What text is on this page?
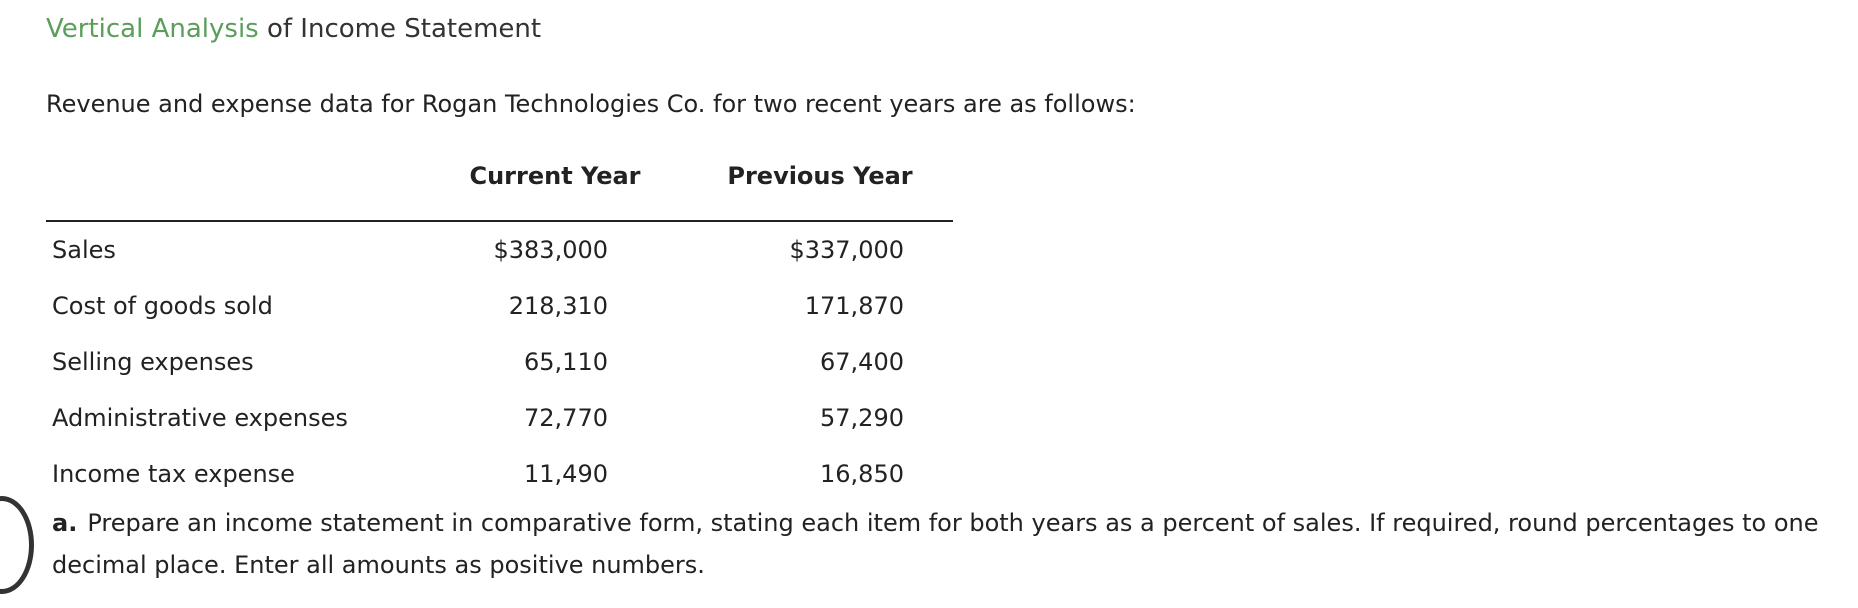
Vertical Analysis of Income Statement
Revenue and expense data for Rogan Technologies Co. for two recent years are as follows:
	Current Year	Previous Year
Sales	$383,000	$337,000
Cost of goods sold	218,310	171,870
Selling expenses	65,110	67,400
Administrative expenses	72,770	57,290
Income tax expense	11,490	16,850
a. Prepare an income statement in comparative form, stating each item for both years as a percent of sales. If required, round percentages to one decimal place. Enter all amounts as positive numbers.
